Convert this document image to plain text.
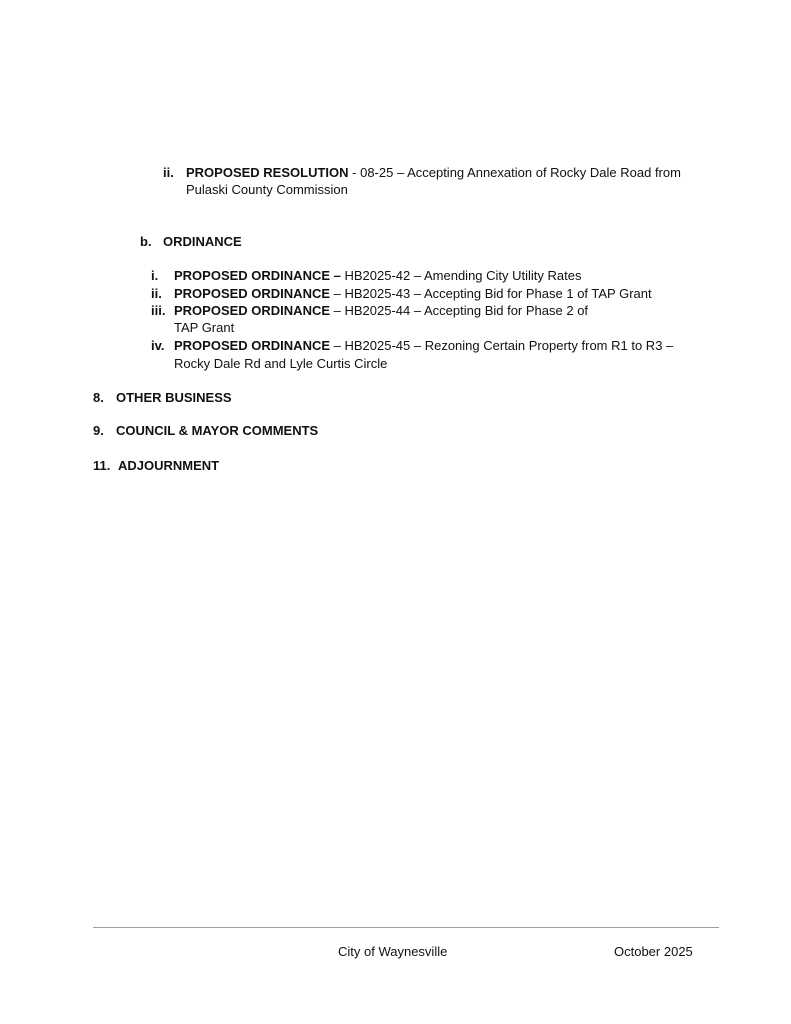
ii. PROPOSED RESOLUTION - 08-25 – Accepting Annexation of Rocky Dale Road from
Pulaski County Commission
b. ORDINANCE
i. PROPOSED ORDINANCE – HB2025-42 – Amending City Utility Rates
ii. PROPOSED ORDINANCE – HB2025-43 – Accepting Bid for Phase 1 of TAP Grant
iii. PROPOSED ORDINANCE – HB2025-44 – Accepting Bid for Phase 2 of
TAP Grant
iv. PROPOSED ORDINANCE – HB2025-45 – Rezoning Certain Property from R1 to R3 –
Rocky Dale Rd and Lyle Curtis Circle
8. OTHER BUSINESS
9. COUNCIL & MAYOR COMMENTS
11. ADJOURNMENT
City of Waynesville	October 2025
